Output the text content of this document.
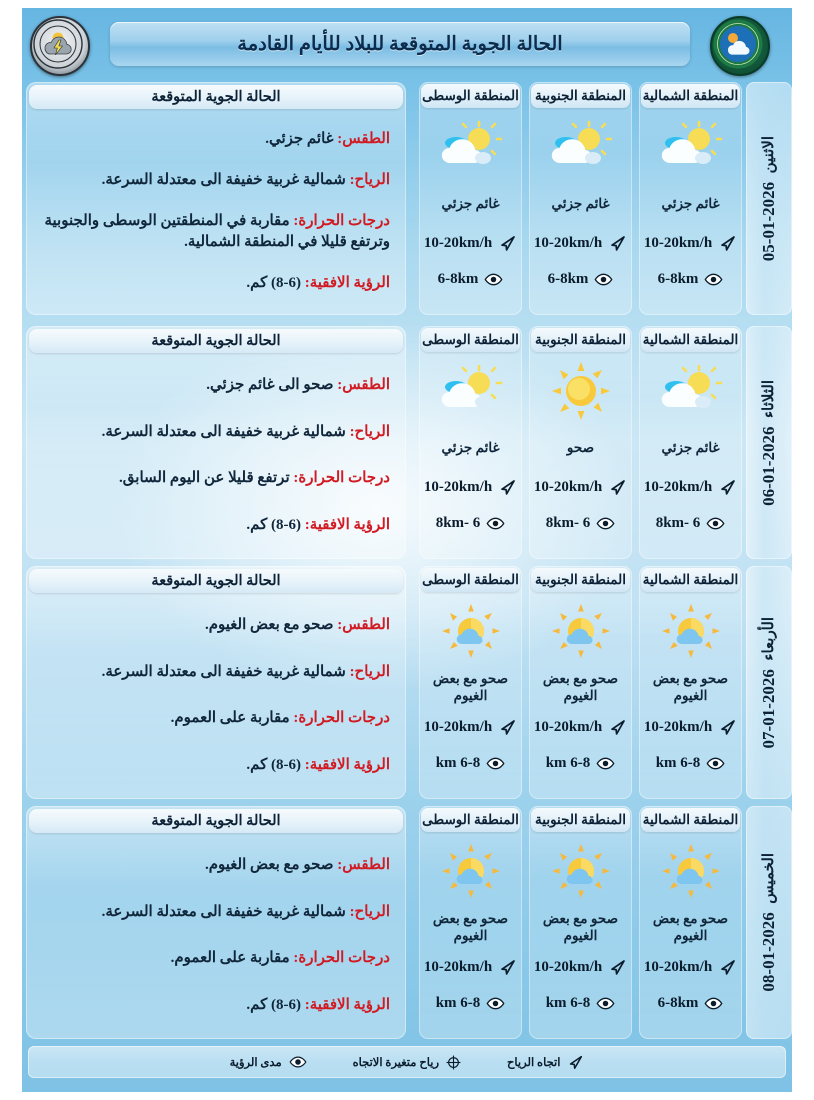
الحالة الجوية المتوقعة للبلاد للأيام القادمة
الاثنين  2026-01-05
المنطقة الشمالية
غائم جزئي
10-20km/h
6-8km
المنطقة الجنوبية
غائم جزئي
10-20km/h
6-8km
المنطقة الوسطى
غائم جزئي
10-20km/h
6-8km
الحالة الجوية المتوقعة
الطقس: غائم جزئي.
الرياح: شمالية غربية خفيفة الى معتدلة السرعة.
درجات الحرارة: مقاربة في المنطقتين الوسطى والجنوبية وترتفع قليلا في المنطقة الشمالية.
الرؤية الافقية: (6-8) كم.
الثلاثاء  2026-01-06
المنطقة الشمالية
غائم جزئي
10-20km/h
6 -8km
المنطقة الجنوبية
صحو
10-20km/h
6 -8km
المنطقة الوسطى
غائم جزئي
10-20km/h
6 -8km
الحالة الجوية المتوقعة
الطقس: صحو الى غائم جزئي.
الرياح: شمالية غربية خفيفة الى معتدلة السرعة.
درجات الحرارة: ترتفع قليلا عن اليوم السابق.
الرؤية الافقية: (6-8) كم.
الأربعاء  2026-01-07
المنطقة الشمالية
صحو مع بعض الغيوم
10-20km/h
6-8 km
المنطقة الجنوبية
صحو مع بعض الغيوم
10-20km/h
6-8 km
المنطقة الوسطى
صحو مع بعض الغيوم
10-20km/h
6-8 km
الحالة الجوية المتوقعة
الطقس: صحو مع بعض الغيوم.
الرياح: شمالية غربية خفيفة الى معتدلة السرعة.
درجات الحرارة: مقاربة على العموم.
الرؤية الافقية: (6-8) كم.
الخميس  2026-01-08
المنطقة الشمالية
صحو مع بعض الغيوم
10-20km/h
6-8km
المنطقة الجنوبية
صحو مع بعض الغيوم
10-20km/h
6-8 km
المنطقة الوسطى
صحو مع بعض الغيوم
10-20km/h
6-8 km
الحالة الجوية المتوقعة
الطقس: صحو مع بعض الغيوم.
الرياح: شمالية غربية خفيفة الى معتدلة السرعة.
درجات الحرارة: مقاربة على العموم.
الرؤية الافقية: (6-8) كم.
اتجاه الرياح
رياح متغيرة الاتجاه
مدى الرؤية
